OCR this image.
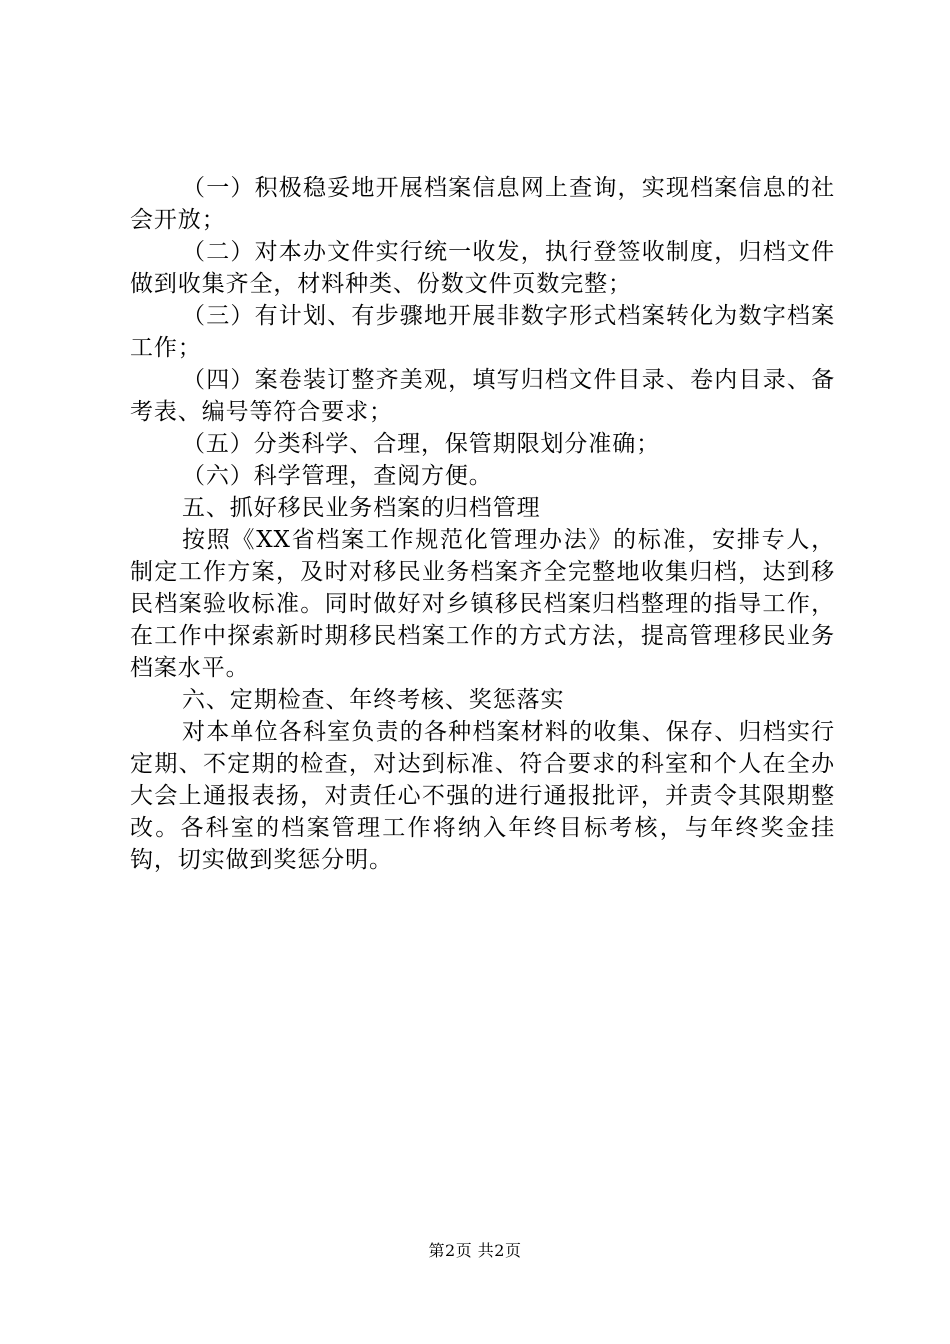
（一）积极稳妥地开展档案信息网上查询，实现档案信息的社会开放；

（二）对本办文件实行统一收发，执行登签收制度，归档文件做到收集齐全，材料种类、份数文件页数完整；

（三）有计划、有步骤地开展非数字形式档案转化为数字档案工作；

（四）案卷装订整齐美观，填写归档文件目录、卷内目录、备考表、编号等符合要求；

（五）分类科学、合理，保管期限划分准确；

（六）科学管理，查阅方便。

五、抓好移民业务档案的归档管理

按照《XX省档案工作规范化管理办法》的标准，安排专人，制定工作方案，及时对移民业务档案齐全完整地收集归档，达到移民档案验收标准。同时做好对乡镇移民档案归档整理的指导工作，在工作中探索新时期移民档案工作的方式方法，提高管理移民业务档案水平。

六、定期检查、年终考核、奖惩落实

对本单位各科室负责的各种档案材料的收集、保存、归档实行定期、不定期的检查，对达到标准、符合要求的科室和个人在全办大会上通报表扬，对责任心不强的进行通报批评，并责令其限期整改。各科室的档案管理工作将纳入年终目标考核，与年终奖金挂钩，切实做到奖惩分明。

第2页 共2页
